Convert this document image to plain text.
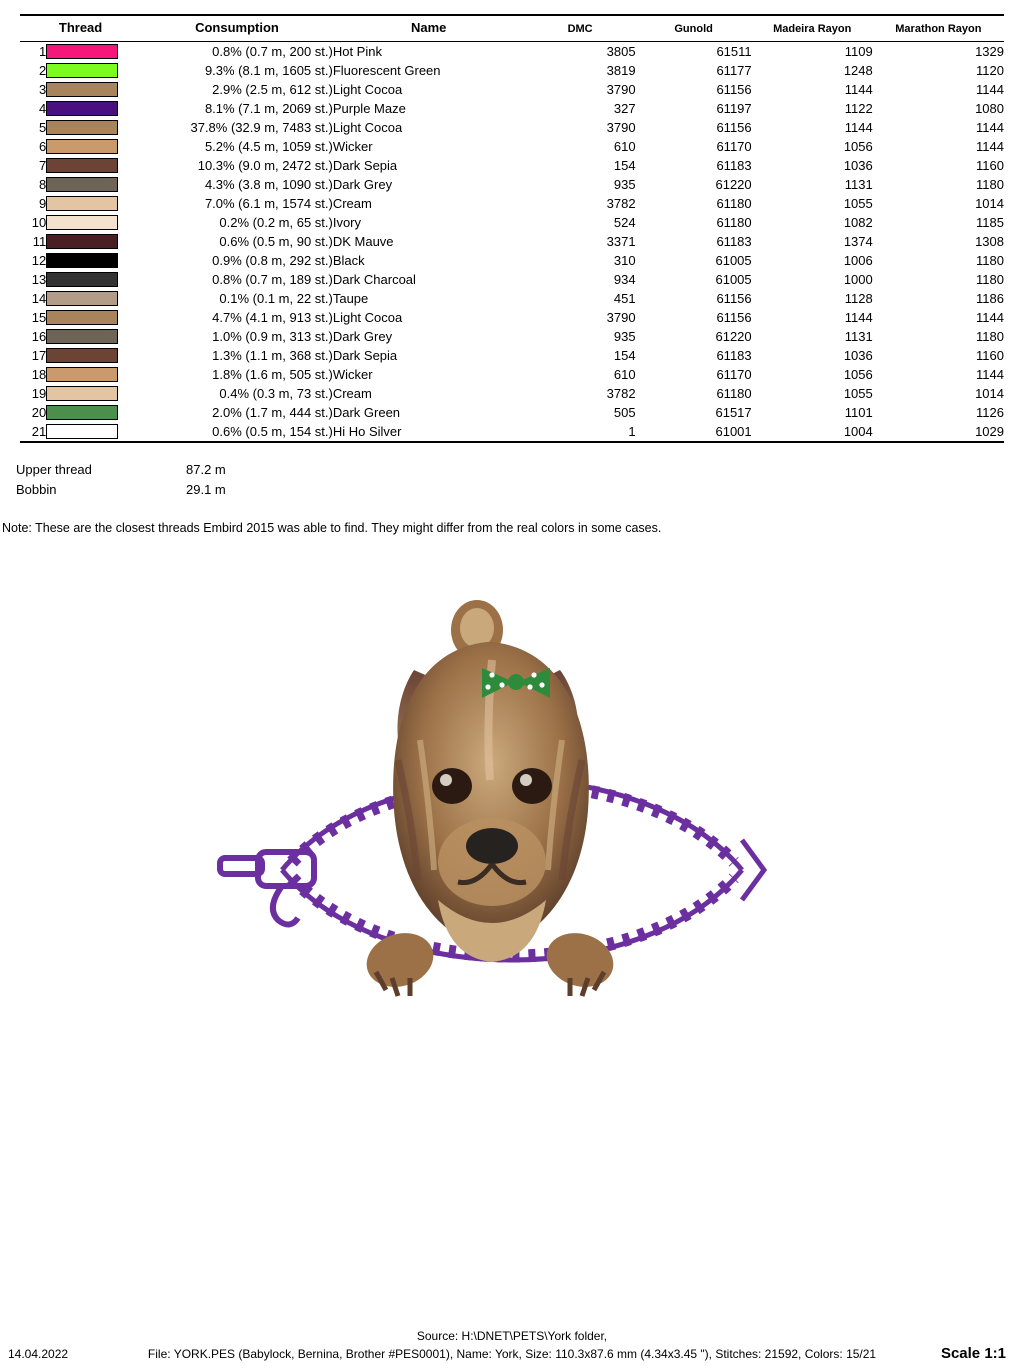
Thread		Consumption	Name	DMC	Gunold	Madeira Rayon	Marathon Rayon
1		0.8% (0.7 m, 200 st.)	Hot Pink	3805	61511	1109	1329
2		9.3% (8.1 m, 1605 st.)	Fluorescent Green	3819	61177	1248	1120
3		2.9% (2.5 m, 612 st.)	Light Cocoa	3790	61156	1144	1144
4		8.1% (7.1 m, 2069 st.)	Purple Maze	327	61197	1122	1080
5		37.8% (32.9 m, 7483 st.)	Light Cocoa	3790	61156	1144	1144
6		5.2% (4.5 m, 1059 st.)	Wicker	610	61170	1056	1144
7		10.3% (9.0 m, 2472 st.)	Dark Sepia	154	61183	1036	1160
8		4.3% (3.8 m, 1090 st.)	Dark Grey	935	61220	1131	1180
9		7.0% (6.1 m, 1574 st.)	Cream	3782	61180	1055	1014
10		0.2% (0.2 m, 65 st.)	Ivory	524	61180	1082	1185
11		0.6% (0.5 m, 90 st.)	DK Mauve	3371	61183	1374	1308
12		0.9% (0.8 m, 292 st.)	Black	310	61005	1006	1180
13		0.8% (0.7 m, 189 st.)	Dark Charcoal	934	61005	1000	1180
14		0.1% (0.1 m, 22 st.)	Taupe	451	61156	1128	1186
15		4.7% (4.1 m, 913 st.)	Light Cocoa	3790	61156	1144	1144
16		1.0% (0.9 m, 313 st.)	Dark Grey	935	61220	1131	1180
17		1.3% (1.1 m, 368 st.)	Dark Sepia	154	61183	1036	1160
18		1.8% (1.6 m, 505 st.)	Wicker	610	61170	1056	1144
19		0.4% (0.3 m, 73 st.)	Cream	3782	61180	1055	1014
20		2.0% (1.7 m, 444 st.)	Dark Green	505	61517	1101	1126
21		0.6% (0.5 m, 154 st.)	Hi Ho Silver	1	61001	1004	1029
Upper thread	87.2 m
Bobbin	29.1 m
Note: These are the closest threads Embird 2015 was able to find. They might differ from the real colors in some cases.
Source: H:\DNET\PETS\York folder,
14.04.2022	File: YORK.PES (Babylock, Bernina, Brother #PES0001), Name: York, Size: 110.3x87.6 mm (4.34x3.45 "), Stitches: 21592, Colors: 15/21	Scale 1:1
